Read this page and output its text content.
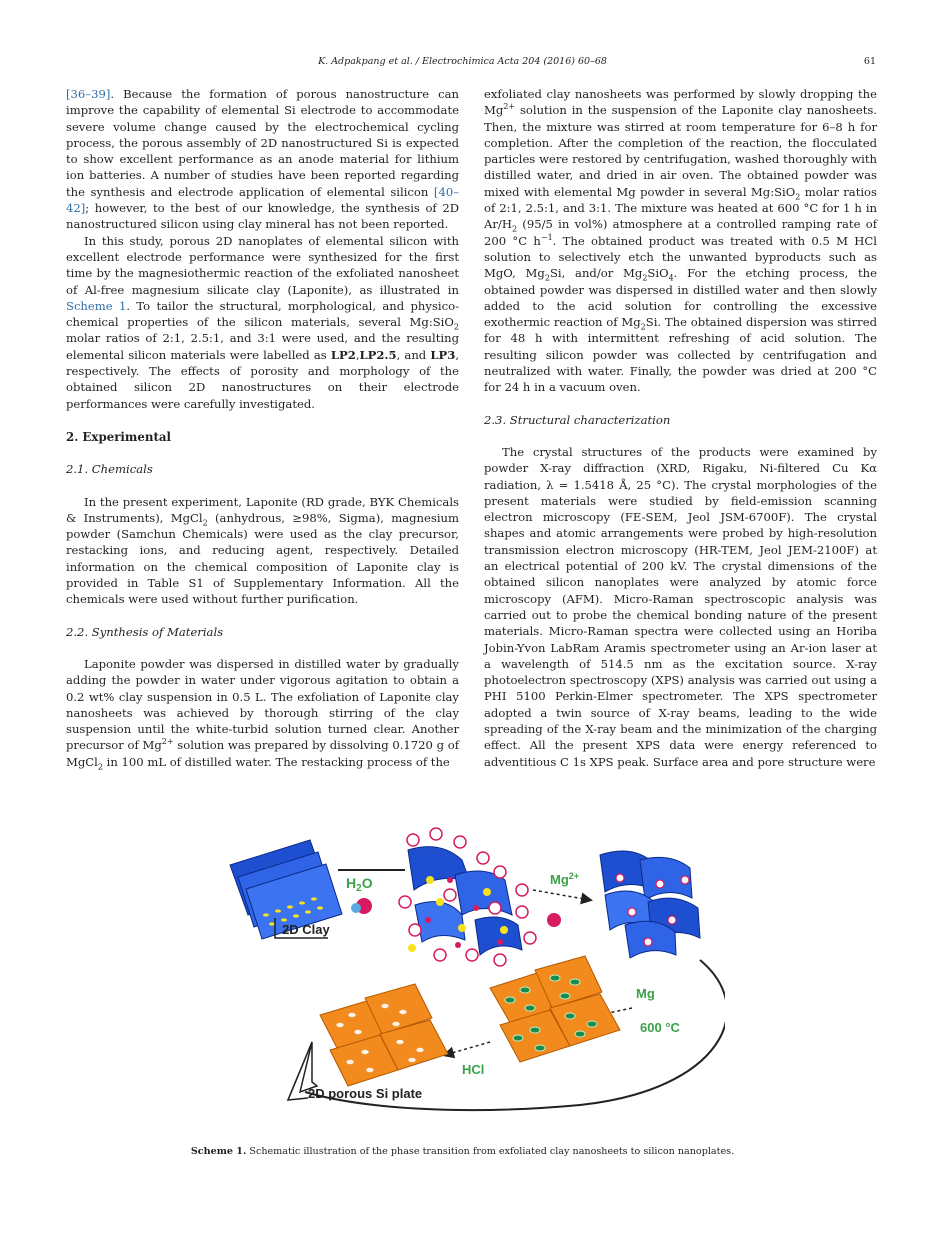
K. Adpakpang et al. / Electrochimica Acta 204 (2016) 60–68	61

[36–39]. Because the formation of porous nanostructure can improve the capability of elemental Si electrode to accommodate severe volume change caused by the electrochemical cycling process, the porous assembly of 2D nanostructured Si is expected to show excellent performance as an anode material for lithium ion batteries. A number of studies have been reported regarding the synthesis and electrode application of elemental silicon [40–42]; however, to the best of our knowledge, the synthesis of 2D nanostructured silicon using clay mineral has not been reported.

In this study, porous 2D nanoplates of elemental silicon with excellent electrode performance were synthesized for the first time by the magnesiothermic reaction of the exfoliated nanosheet of Al-free magnesium silicate clay (Laponite), as illustrated in Scheme 1. To tailor the structural, morphological, and physico-chemical properties of the silicon materials, several Mg:SiO$_2$ molar ratios of 2:1, 2.5:1, and 3:1 were used, and the resulting elemental silicon materials were labelled as LP2,LP2.5, and LP3, respectively. The effects of porosity and morphology of the obtained silicon 2D nanostructures on their electrode performances were carefully investigated.

2. Experimental
2.1. Chemicals

In the present experiment, Laponite (RD grade, BYK Chemicals & Instruments), MgCl$_2$ (anhydrous, ≥98%, Sigma), magnesium powder (Samchun Chemicals) were used as the clay precursor, restacking ions, and reducing agent, respectively. Detailed information on the chemical composition of Laponite clay is provided in Table S1 of Supplementary Information. All the chemicals were used without further purification.

2.2. Synthesis of Materials

Laponite powder was dispersed in distilled water by gradually adding the powder in water under vigorous agitation to obtain a 0.2 wt% clay suspension in 0.5 L. The exfoliation of Laponite clay nanosheets was achieved by thorough stirring of the clay suspension until the white-turbid solution turned clear. Another precursor of $Mg^{2+}$ solution was prepared by dissolving 0.1720 g of MgCl$_2$ in 100 mL of distilled water. The restacking process of the

exfoliated clay nanosheets was performed by slowly dropping the $Mg^{2+}$ solution in the suspension of the Laponite clay nanosheets. Then, the mixture was stirred at room temperature for 6–8 h for completion. After the completion of the reaction, the flocculated particles were restored by centrifugation, washed thoroughly with distilled water, and dried in air oven. The obtained powder was mixed with elemental Mg powder in several Mg:SiO$_2$ molar ratios of 2:1, 2.5:1, and 3:1. The mixture was heated at 600 °C for 1 h in $Ar/H_2$ (95/5 in vol%) atmosphere at a controlled ramping rate of 200 °C $h^{-1}$. The obtained product was treated with 0.5 M HCl solution to selectively etch the unwanted byproducts such as MgO, $Mg_2Si$, and/or $Mg_2SiO_4$. For the etching process, the obtained powder was dispersed in distilled water and then slowly added to the acid solution for controlling the excessive exothermic reaction of $Mg_2Si$. The obtained dispersion was stirred for 48 h with intermittent refreshing of acid solution. The resulting silicon powder was collected by centrifugation and neutralized with water. Finally, the powder was dried at 200 °C for 24 h in a vacuum oven.

2.3. Structural characterization

The crystal structures of the products were examined by powder X-ray diffraction (XRD, Rigaku, Ni-filtered Cu Kα radiation, λ = 1.5418 Å, 25 °C). The crystal morphologies of the present materials were studied by field-emission scanning electron microscopy (FE-SEM, Jeol JSM-6700F). The crystal shapes and atomic arrangements were probed by high-resolution transmission electron microscopy (HR-TEM, Jeol JEM-2100F) at an electrical potential of 200 kV. The crystal dimensions of the obtained silicon nanoplates were analyzed by atomic force microscopy (AFM). Micro-Raman spectroscopic analysis was carried out to probe the chemical bonding nature of the present materials. Micro-Raman spectra were collected using an Horiba Jobin-Yvon LabRam Aramis spectrometer using an Ar-ion laser at a wavelength of 514.5 nm as the excitation source. X-ray photoelectron spectroscopy (XPS) analysis was carried out using a PHI 5100 Perkin-Elmer spectrometer. The XPS spectrometer adopted a twin source of X-ray beams, leading to the wide spreading of the X-ray beam and the minimization of the charging effect. All the present XPS data were energy referenced to adventitious C 1s XPS peak. Surface area and pore structure were

2D Clay
$H_2O$	$Mg^{2+}$
Mg
600 °C
HCl
2D porous Si plate
Scheme 1. Schematic illustration of the phase transition from exfoliated clay nanosheets to silicon nanoplates.
